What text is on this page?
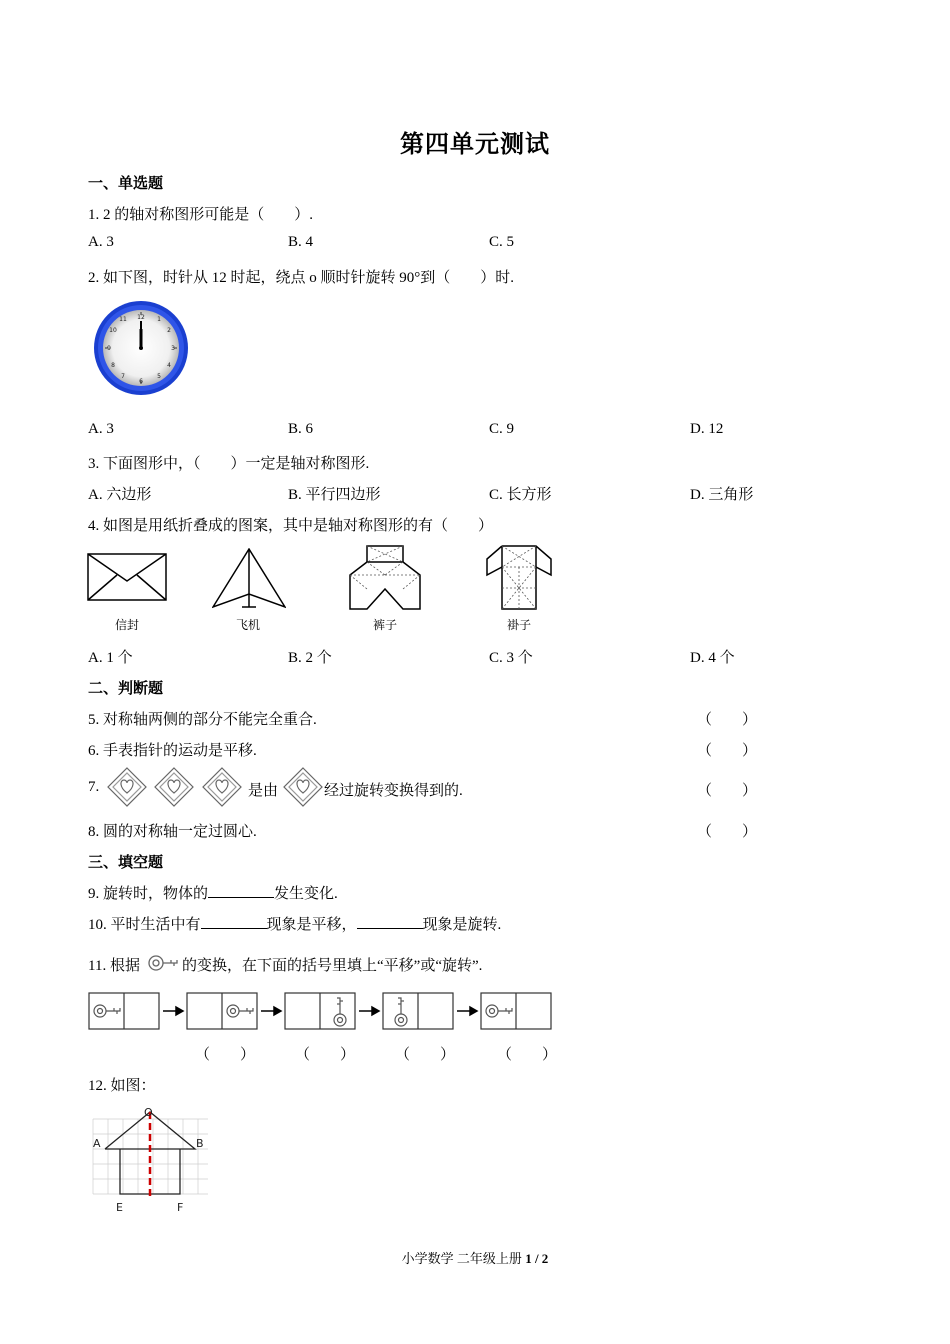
第四单元测试
一、单选题
1. 2 的轴对称图形可能是（　　）.
A. 3	B. 4	C. 5
2. 如下图，时针从 12 时起，绕点 o 顺时针旋转 90°到（　　）时.
1
2
3
4
5
6
7
8
9
10
11 12
A. 3	B. 6	C. 9	D. 12
3. 下面图形中，（　　）一定是轴对称图形.
A. 六边形	B. 平行四边形	C. 长方形	D. 三角形
4. 如图是用纸折叠成的图案，其中是轴对称图形的有（　　）
信封	飞机	裤子	褂子
A. 1 个	B. 2 个	C. 3 个	D. 4 个
二、判断题
5. 对称轴两侧的部分不能完全重合.	（　　）
6. 手表指针的运动是平移.	（　　）
7.	是由	经过旋转变换得到的.	（　　）
8. 圆的对称轴一定过圆心.	（　　）
三、填空题
9. 旋转时，物体的	发生变化.
10. 平时生活中有	现象是平移，	现象是旋转.
11. 根据	的变换，在下面的括号里填上“平移”或“旋转”.
（　　）	（　　）	（　　）	（　　）
12. 如图：
O
A	B
E	F
小学数学 二年级上册 1 / 2
